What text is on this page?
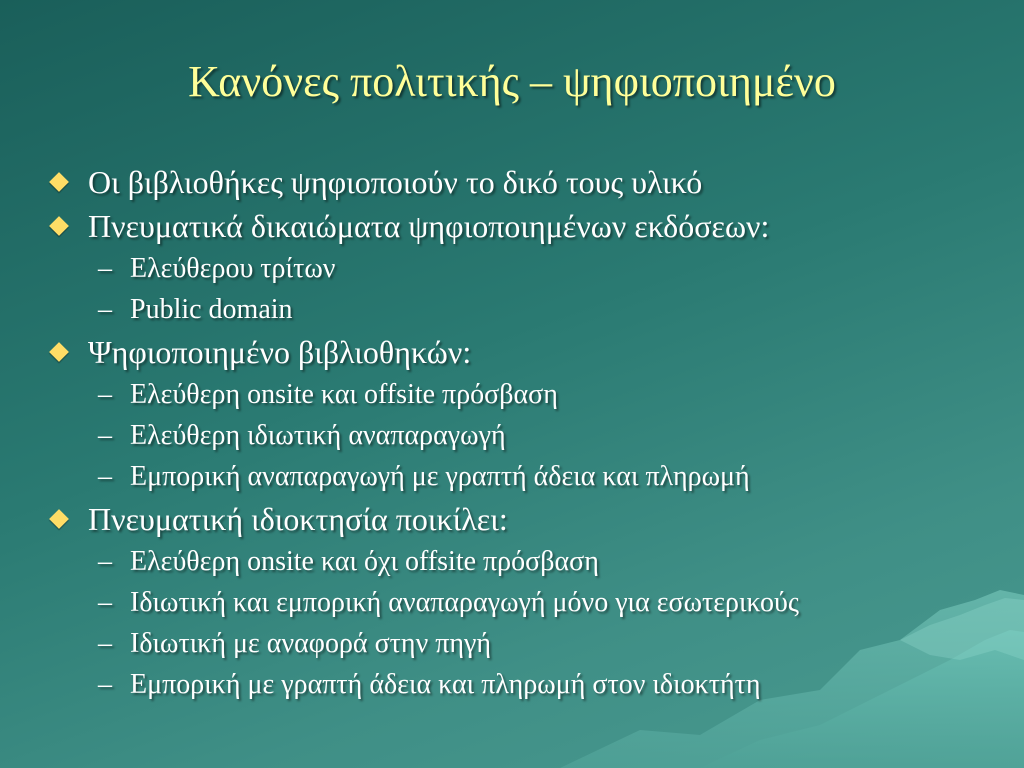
Κανόνες πολιτικής – ψηφιοποιημένο
Οι βιβλιοθήκες ψηφιοποιούν το δικό τους υλικό
Πνευματικά δικαιώματα ψηφιοποιημένων εκδόσεων:
– Ελεύθερου τρίτων
– Public domain
Ψηφιοποιημένο βιβλιοθηκών:
– Ελεύθερη onsite και offsite πρόσβαση
– Ελεύθερη ιδιωτική αναπαραγωγή
– Εμπορική αναπαραγωγή με γραπτή άδεια και πληρωμή
Πνευματική ιδιοκτησία ποικίλει:
– Ελεύθερη onsite και όχι offsite πρόσβαση
– Ιδιωτική και εμπορική αναπαραγωγή μόνο για εσωτερικούς
– Ιδιωτική με αναφορά στην πηγή
– Εμπορική με γραπτή άδεια και πληρωμή στον ιδιοκτήτη
